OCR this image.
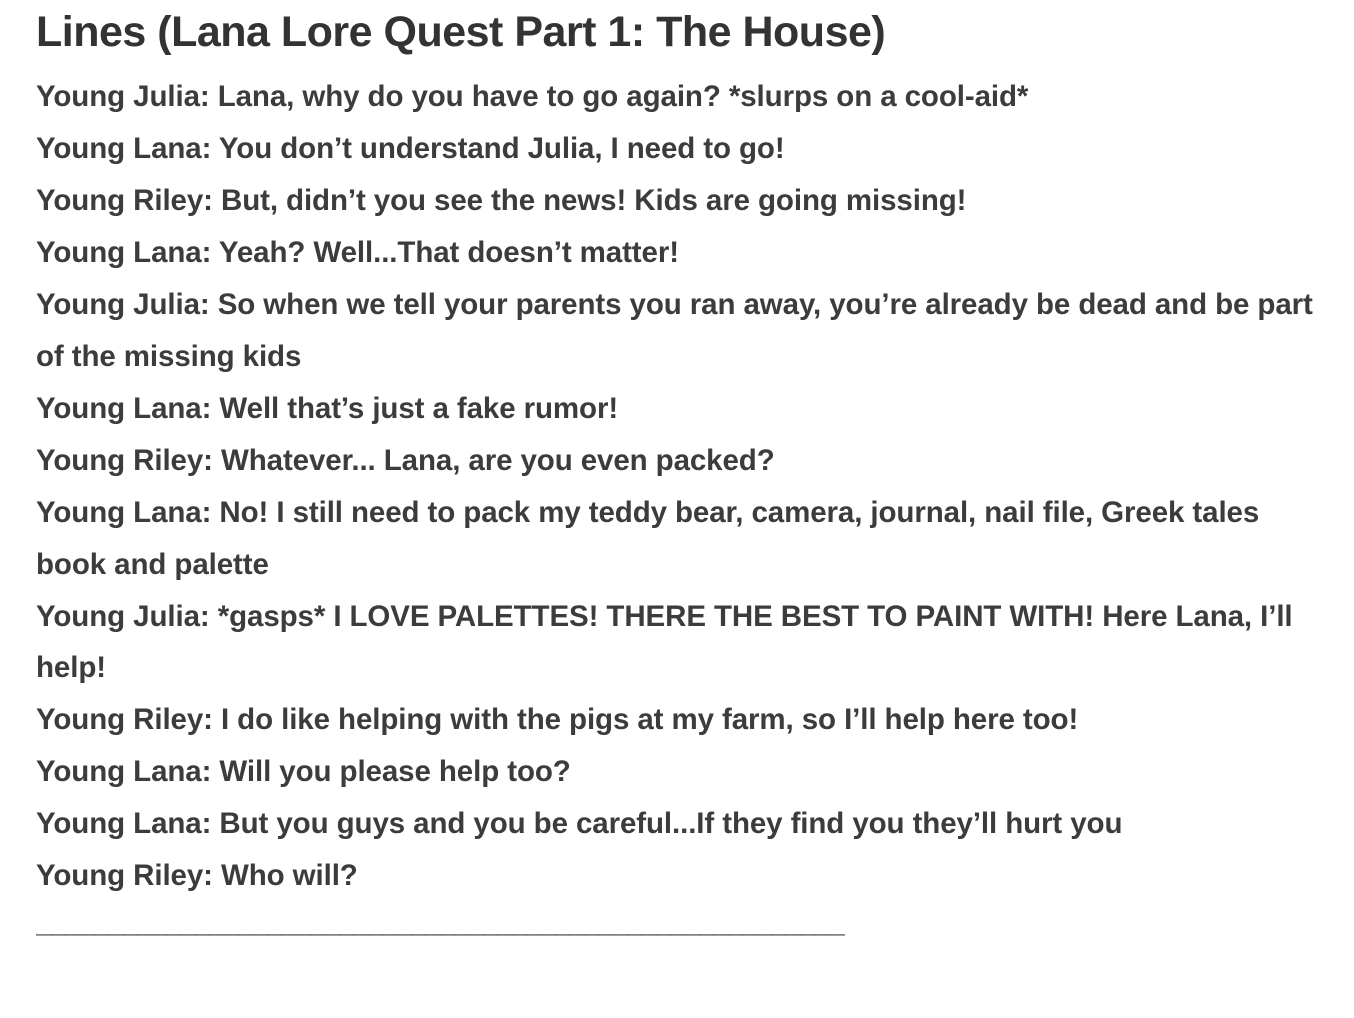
Lines (Lana Lore Quest Part 1: The House)
Young Julia: Lana, why do you have to go again? *slurps on a cool-aid*
Young Lana: You don’t understand Julia, I need to go!
Young Riley: But, didn’t you see the news! Kids are going missing!
Young Lana: Yeah? Well...That doesn’t matter!
Young Julia: So when we tell your parents you ran away, you’re already be dead and be part of the missing kids
Young Lana: Well that’s just a fake rumor!
Young Riley: Whatever... Lana, are you even packed?
Young Lana: No! I still need to pack my teddy bear, camera, journal, nail file, Greek tales book and palette
Young Julia: *gasps* I LOVE PALETTES! THERE THE BEST TO PAINT WITH! Here Lana, I’ll help!
Young Riley: I do like helping with the pigs at my farm, so I’ll help here too!
Young Lana: Will you please help too?
Young Lana: But you guys and you be careful...If they find you they’ll hurt you
Young Riley: Who will?
________________________________________________________
